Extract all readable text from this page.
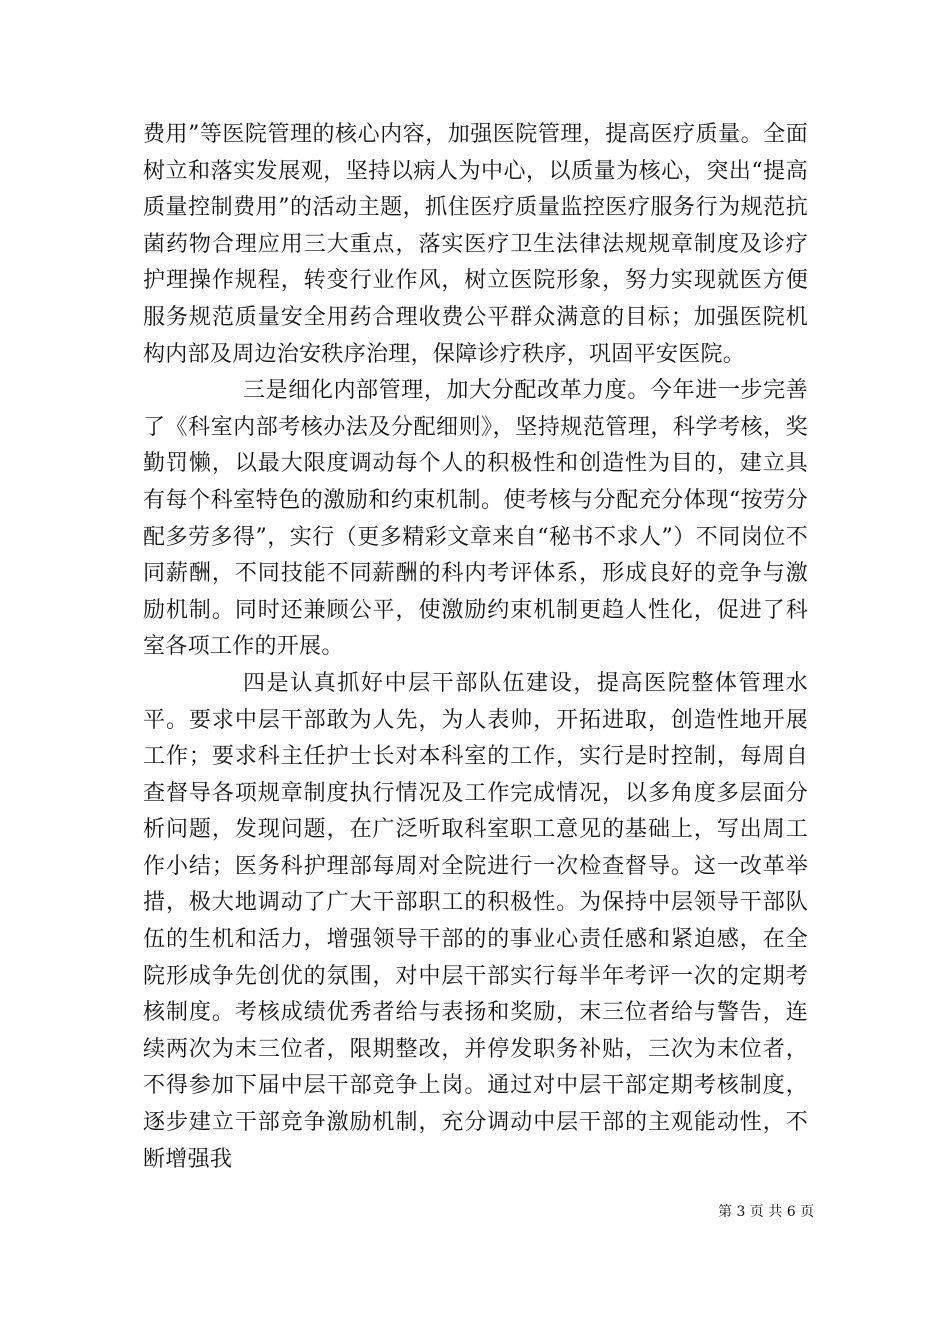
费用”等医院管理的核心内容，加强医院管理，提高医疗质量。全面树立和落实发展观，坚持以病人为中心，以质量为核心，突出“提高质量控制费用”的活动主题，抓住医疗质量监控医疗服务行为规范抗菌药物合理应用三大重点，落实医疗卫生法律法规规章制度及诊疗护理操作规程，转变行业作风，树立医院形象，努力实现就医方便服务规范质量安全用药合理收费公平群众满意的目标；加强医院机构内部及周边治安秩序治理，保障诊疗秩序，巩固平安医院。

三是细化内部管理，加大分配改革力度。今年进一步完善了《科室内部考核办法及分配细则》，坚持规范管理，科学考核，奖勤罚懒，以最大限度调动每个人的积极性和创造性为目的，建立具有每个科室特色的激励和约束机制。使考核与分配充分体现“按劳分配多劳多得”，实行（更多精彩文章来自“秘书不求人”）不同岗位不同薪酬，不同技能不同薪酬的科内考评体系，形成良好的竞争与激励机制。同时还兼顾公平，使激励约束机制更趋人性化，促进了科室各项工作的开展。

四是认真抓好中层干部队伍建设，提高医院整体管理水平。要求中层干部敢为人先，为人表帅，开拓进取，创造性地开展工作；要求科主任护士长对本科室的工作，实行是时控制，每周自查督导各项规章制度执行情况及工作完成情况，以多角度多层面分析问题，发现问题，在广泛听取科室职工意见的基础上，写出周工作小结；医务科护理部每周对全院进行一次检查督导。这一改革举措，极大地调动了广大干部职工的积极性。为保持中层领导干部队伍的生机和活力，增强领导干部的的事业心责任感和紧迫感，在全院形成争先创优的氛围，对中层干部实行每半年考评一次的定期考核制度。考核成绩优秀者给与表扬和奖励，末三位者给与警告，连续两次为末三位者，限期整改，并停发职务补贴，三次为末位者，不得参加下届中层干部竞争上岗。通过对中层干部定期考核制度，逐步建立干部竞争激励机制，充分调动中层干部的主观能动性，不断增强我

第 3 页 共 6 页
